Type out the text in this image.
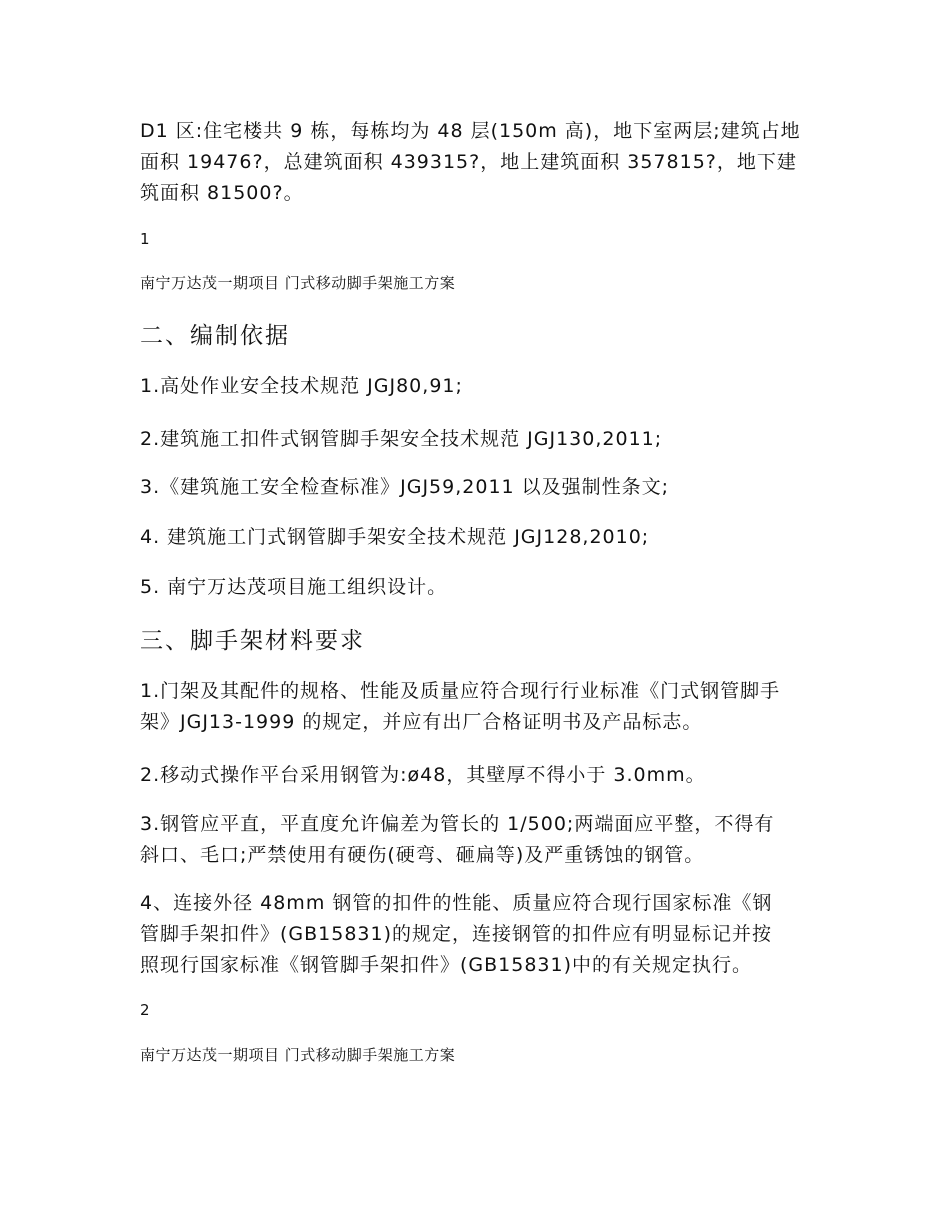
D1 区:住宅楼共 9 栋，每栋均为 48 层(150m 高)，地下室两层;建筑占地
面积 19476?，总建筑面积 439315?，地上建筑面积 357815?，地下建
筑面积 81500?。

1

南宁万达茂一期项目 门式移动脚手架施工方案

二、编制依据

1.高处作业安全技术规范 JGJ80,91;

2.建筑施工扣件式钢管脚手架安全技术规范 JGJ130,2011;

3.《建筑施工安全检查标准》JGJ59,2011 以及强制性条文;

4. 建筑施工门式钢管脚手架安全技术规范 JGJ128,2010;

5. 南宁万达茂项目施工组织设计。

三、脚手架材料要求

1.门架及其配件的规格、性能及质量应符合现行行业标准《门式钢管脚手
架》JGJ13-1999 的规定，并应有出厂合格证明书及产品标志。

2.移动式操作平台采用钢管为:ø48，其壁厚不得小于 3.0mm。

3.钢管应平直，平直度允许偏差为管长的 1/500;两端面应平整，不得有
斜口、毛口;严禁使用有硬伤(硬弯、砸扁等)及严重锈蚀的钢管。

4、连接外径 48mm 钢管的扣件的性能、质量应符合现行国家标准《钢
管脚手架扣件》(GB15831)的规定，连接钢管的扣件应有明显标记并按
照现行国家标准《钢管脚手架扣件》(GB15831)中的有关规定执行。

2

南宁万达茂一期项目 门式移动脚手架施工方案
